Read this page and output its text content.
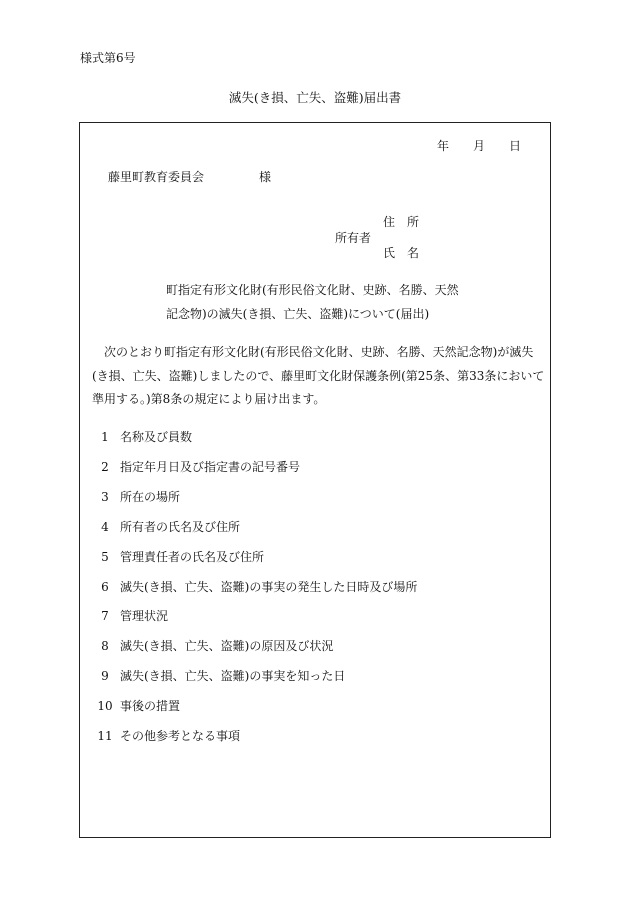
様式第6号
滅失(き損、亡失、盗難)届出書
年 月 日
藤里町教育委員会	様
住　所
所有者
氏　名
町指定有形文化財(有形民俗文化財、史跡、名勝、天然
記念物)の滅失(き損、亡失、盗難)について(届出)
　次のとおり町指定有形文化財(有形民俗文化財、史跡、名勝、天然記念物)が滅失(き損、亡失、盗難)しましたので、藤里町文化財保護条例(第25条、第33条において準用する。)第8条の規定により届け出ます。
1 名称及び員数
2 指定年月日及び指定書の記号番号
3 所在の場所
4 所有者の氏名及び住所
5 管理責任者の氏名及び住所
6 滅失(き損、亡失、盗難)の事実の発生した日時及び場所
7 管理状況
8 滅失(き損、亡失、盗難)の原因及び状況
9 滅失(き損、亡失、盗難)の事実を知った日
10 事後の措置
11 その他参考となる事項
